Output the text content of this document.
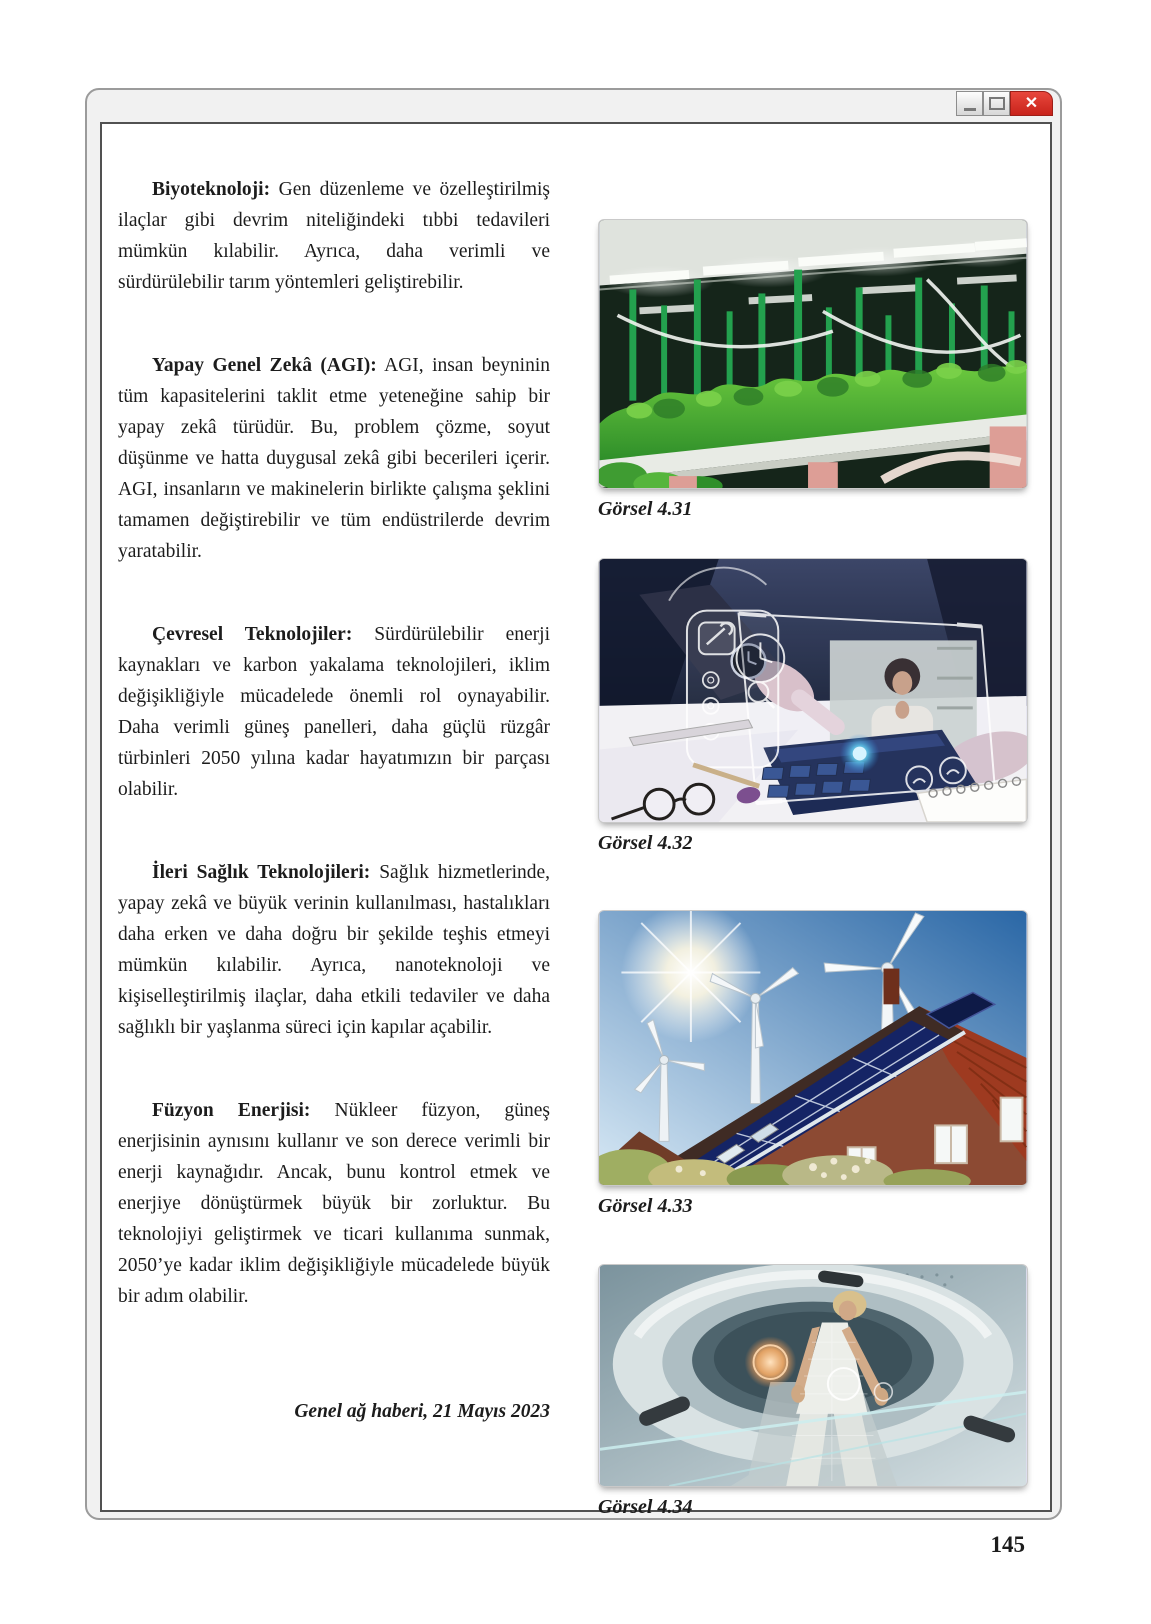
✕

Biyoteknoloji: Gen düzenleme ve özelleştirilmiş ilaçlar gibi devrim niteliğindeki tıbbi tedavileri mümkün kılabilir. Ayrıca, daha verimli ve sürdürülebilir tarım yöntemleri geliştirebilir.

Yapay Genel Zekâ (AGI): AGI, insan beyninin tüm kapasitelerini taklit etme yeteneğine sahip bir yapay zekâ türüdür. Bu, problem çözme, soyut düşünme ve hatta duygusal zekâ gibi becerileri içerir. AGI, insanların ve makinelerin birlikte çalışma şeklini tamamen değiştirebilir ve tüm endüstrilerde devrim yaratabilir.

Çevresel Teknolojiler: Sürdürülebilir enerji kaynakları ve karbon yakalama teknolojileri, iklim değişikliğiyle mücadelede önemli rol oynayabilir. Daha verimli güneş panelleri, daha güçlü rüzgâr türbinleri 2050 yılına kadar hayatımızın bir parçası olabilir.

İleri Sağlık Teknolojileri: Sağlık hizmetlerinde, yapay zekâ ve büyük verinin kullanılması, hastalıkları daha erken ve daha doğru bir şekilde teşhis etmeyi mümkün kılabilir. Ayrıca, nanoteknoloji ve kişiselleştirilmiş ilaçlar, daha etkili tedaviler ve daha sağlıklı bir yaşlanma süreci için kapılar açabilir.

Füzyon Enerjisi: Nükleer füzyon, güneş enerjisinin aynısını kullanır ve son derece verimli bir enerji kaynağıdır. Ancak, bunu kontrol etmek ve enerjiye dönüştürmek büyük bir zorluktur. Bu teknolojiyi geliştirmek ve ticari kullanıma sunmak, 2050’ye kadar iklim değişikliğiyle mücadelede büyük bir adım olabilir.

Genel ağ haberi, 21 Mayıs 2023
Görsel 4.31
Görsel 4.32
Görsel 4.33
Görsel 4.34
145
